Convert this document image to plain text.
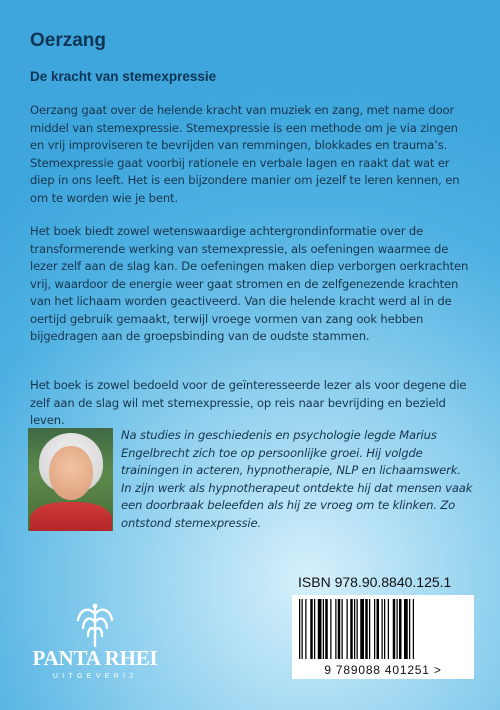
Oerzang
De kracht van stemexpressie

Oerzang gaat over de helende kracht van muziek en zang, met name door middel van stemexpressie. Stemexpressie is een methode om je via zingen en vrij improviseren te bevrijden van remmingen, blokkades en trauma’s. Stemexpressie gaat voorbij rationele en verbale lagen en raakt dat wat er diep in ons leeft. Het is een bijzondere manier om jezelf te leren kennen, en om te worden wie je bent.

Het boek biedt zowel wetenswaardige achtergrondinformatie over de transformerende werking van stemexpressie, als oefeningen waarmee de lezer zelf aan de slag kan. De oefeningen maken diep verborgen oerkrachten vrij, waardoor de energie weer gaat stromen en de zelfgenezende krachten van het lichaam worden geactiveerd. Van die helende kracht werd al in de oertijd gebruik gemaakt, terwijl vroege vormen van zang ook hebben bijgedragen aan de groepsbinding van de oudste stammen.

Het boek is zowel bedoeld voor de geïnteresseerde lezer als voor degene die zelf aan de slag wil met stemexpressie, op reis naar bevrijding en bezield leven.

Na studies in geschiedenis en psychologie legde Marius Engelbrecht zich toe op persoonlijke groei. Hij volgde trainingen in acteren, hypnotherapie, NLP en lichaamswerk. In zijn werk als hypnotherapeut ontdekte hij dat mensen vaak een doorbraak beleefden als hij ze vroeg om te klinken. Zo ontstond stemexpressie.

ISBN 978.90.8840.125.1
9 789088 401251 >
PANTA RHEI
UITGEVERIJ
